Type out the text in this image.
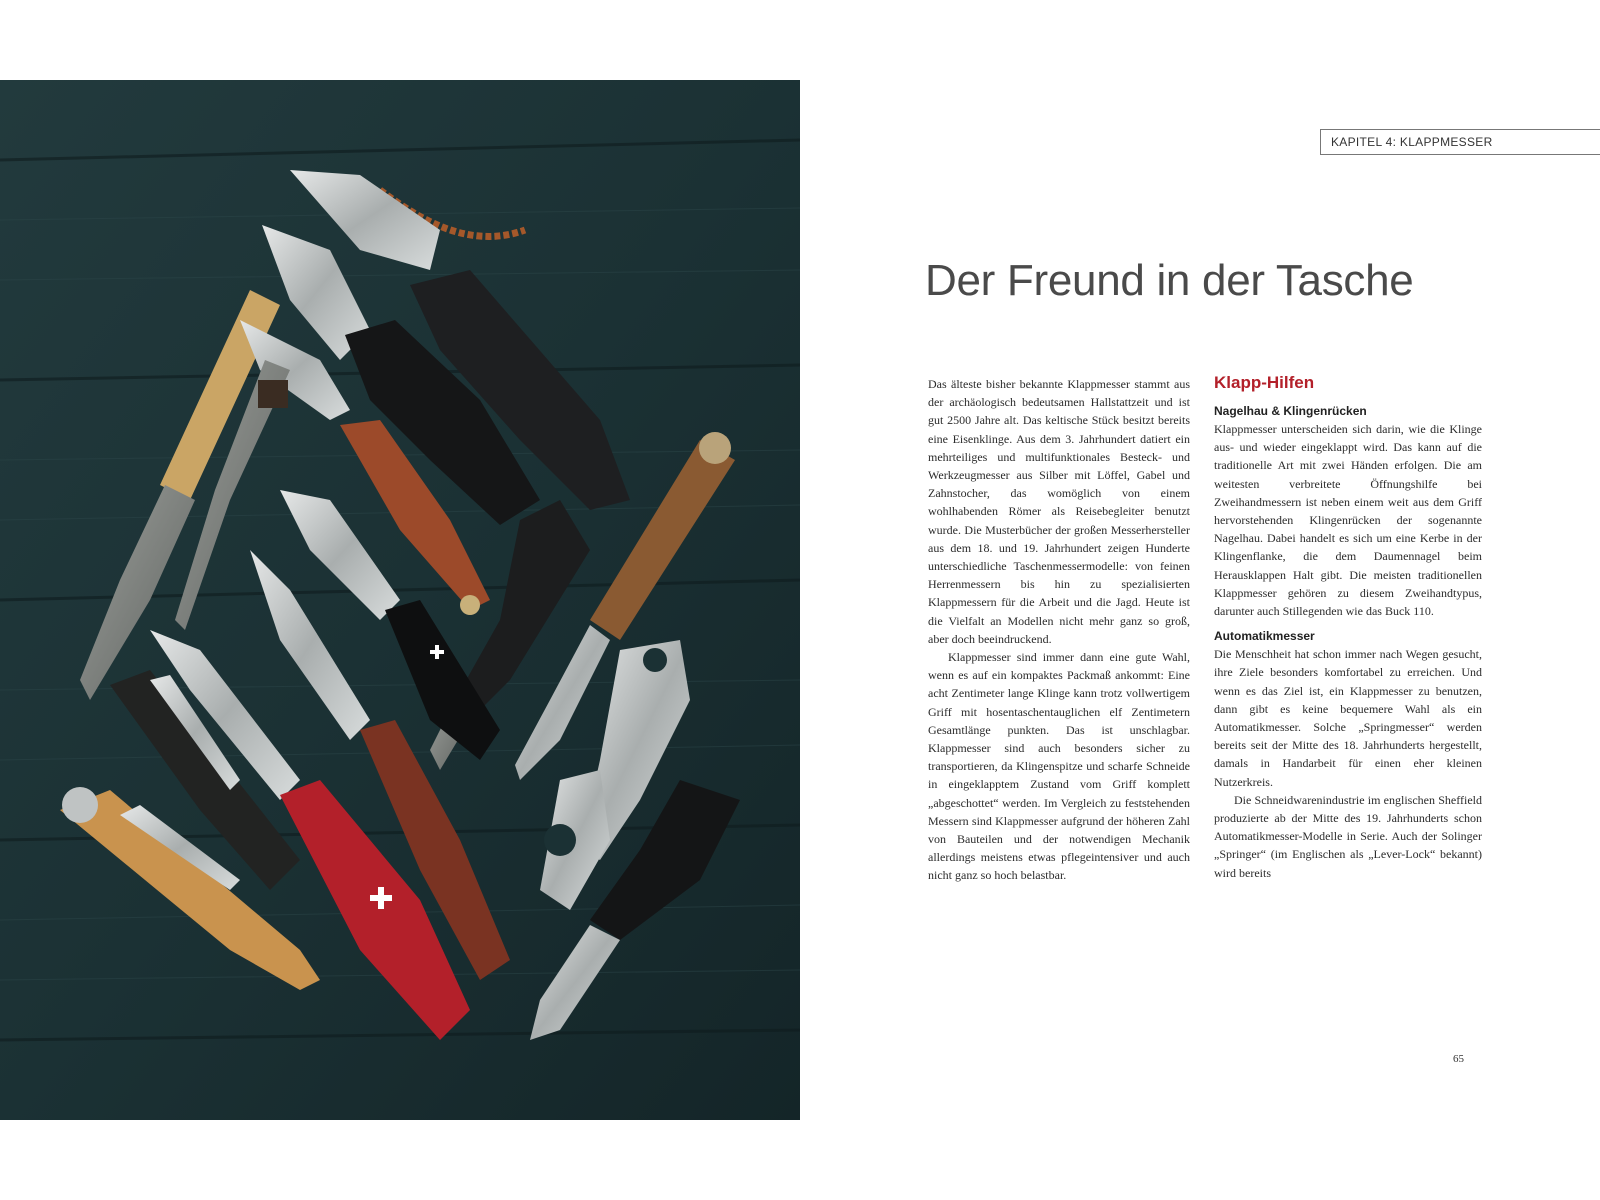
KAPITEL 4: KLAPPMESSER
Der Freund in der Tasche

Das älteste bisher bekannte Klappmesser stammt aus der archäologisch bedeutsamen Hallstattzeit und ist gut 2500 Jahre alt. Das keltische Stück besitzt bereits eine Eisenklinge. Aus dem 3. Jahrhundert datiert ein mehrteiliges und multifunktionales Besteck- und Werkzeugmesser aus Silber mit Löffel, Gabel und Zahnstocher, das womöglich von einem wohlhabenden Römer als Reisebegleiter benutzt wurde. Die Musterbücher der großen Messerhersteller aus dem 18. und 19. Jahrhundert zeigen Hunderte unterschiedliche Taschenmessermodelle: von feinen Herrenmessern bis hin zu spezialisierten Klappmessern für die Arbeit und die Jagd. Heute ist die Vielfalt an Modellen nicht mehr ganz so groß, aber doch beeindruckend.

Klappmesser sind immer dann eine gute Wahl, wenn es auf ein kompaktes Packmaß ankommt: Eine acht Zentimeter lange Klinge kann trotz vollwertigem Griff mit hosentaschentauglichen elf Zentimetern Gesamtlänge punkten. Das ist unschlagbar. Klappmesser sind auch besonders sicher zu transportieren, da Klingenspitze und scharfe Schneide in eingeklapptem Zustand vom Griff komplett „abgeschottet“ werden. Im Vergleich zu feststehenden Messern sind Klappmesser aufgrund der höheren Zahl von Bauteilen und der notwendigen Mechanik allerdings meistens etwas pflegeintensiver und auch nicht ganz so hoch belastbar.

Klapp-Hilfen
Nagelhau & Klingenrücken

Klappmesser unterscheiden sich darin, wie die Klinge aus- und wieder eingeklappt wird. Das kann auf die traditionelle Art mit zwei Händen erfolgen. Die am weitesten verbreitete Öffnungshilfe bei Zweihandmessern ist neben einem weit aus dem Griff hervorstehenden Klingenrücken der sogenannte Nagelhau. Dabei handelt es sich um eine Kerbe in der Klingenflanke, die dem Daumennagel beim Herausklappen Halt gibt. Die meisten traditionellen Klappmesser gehören zu diesem Zweihandtypus, darunter auch Stillegenden wie das Buck 110.

Automatikmesser

Die Menschheit hat schon immer nach Wegen gesucht, ihre Ziele besonders komfortabel zu erreichen. Und wenn es das Ziel ist, ein Klappmesser zu benutzen, dann gibt es keine bequemere Wahl als ein Automatikmesser. Solche „Springmesser“ werden bereits seit der Mitte des 18. Jahrhunderts hergestellt, damals in Handarbeit für einen eher kleinen Nutzerkreis.

Die Schneidwarenindustrie im englischen Sheffield produzierte ab der Mitte des 19. Jahrhunderts schon Automatikmesser-Modelle in Serie. Auch der Solinger „Springer“ (im Englischen als „Lever-Lock“ bekannt) wird bereits

65
